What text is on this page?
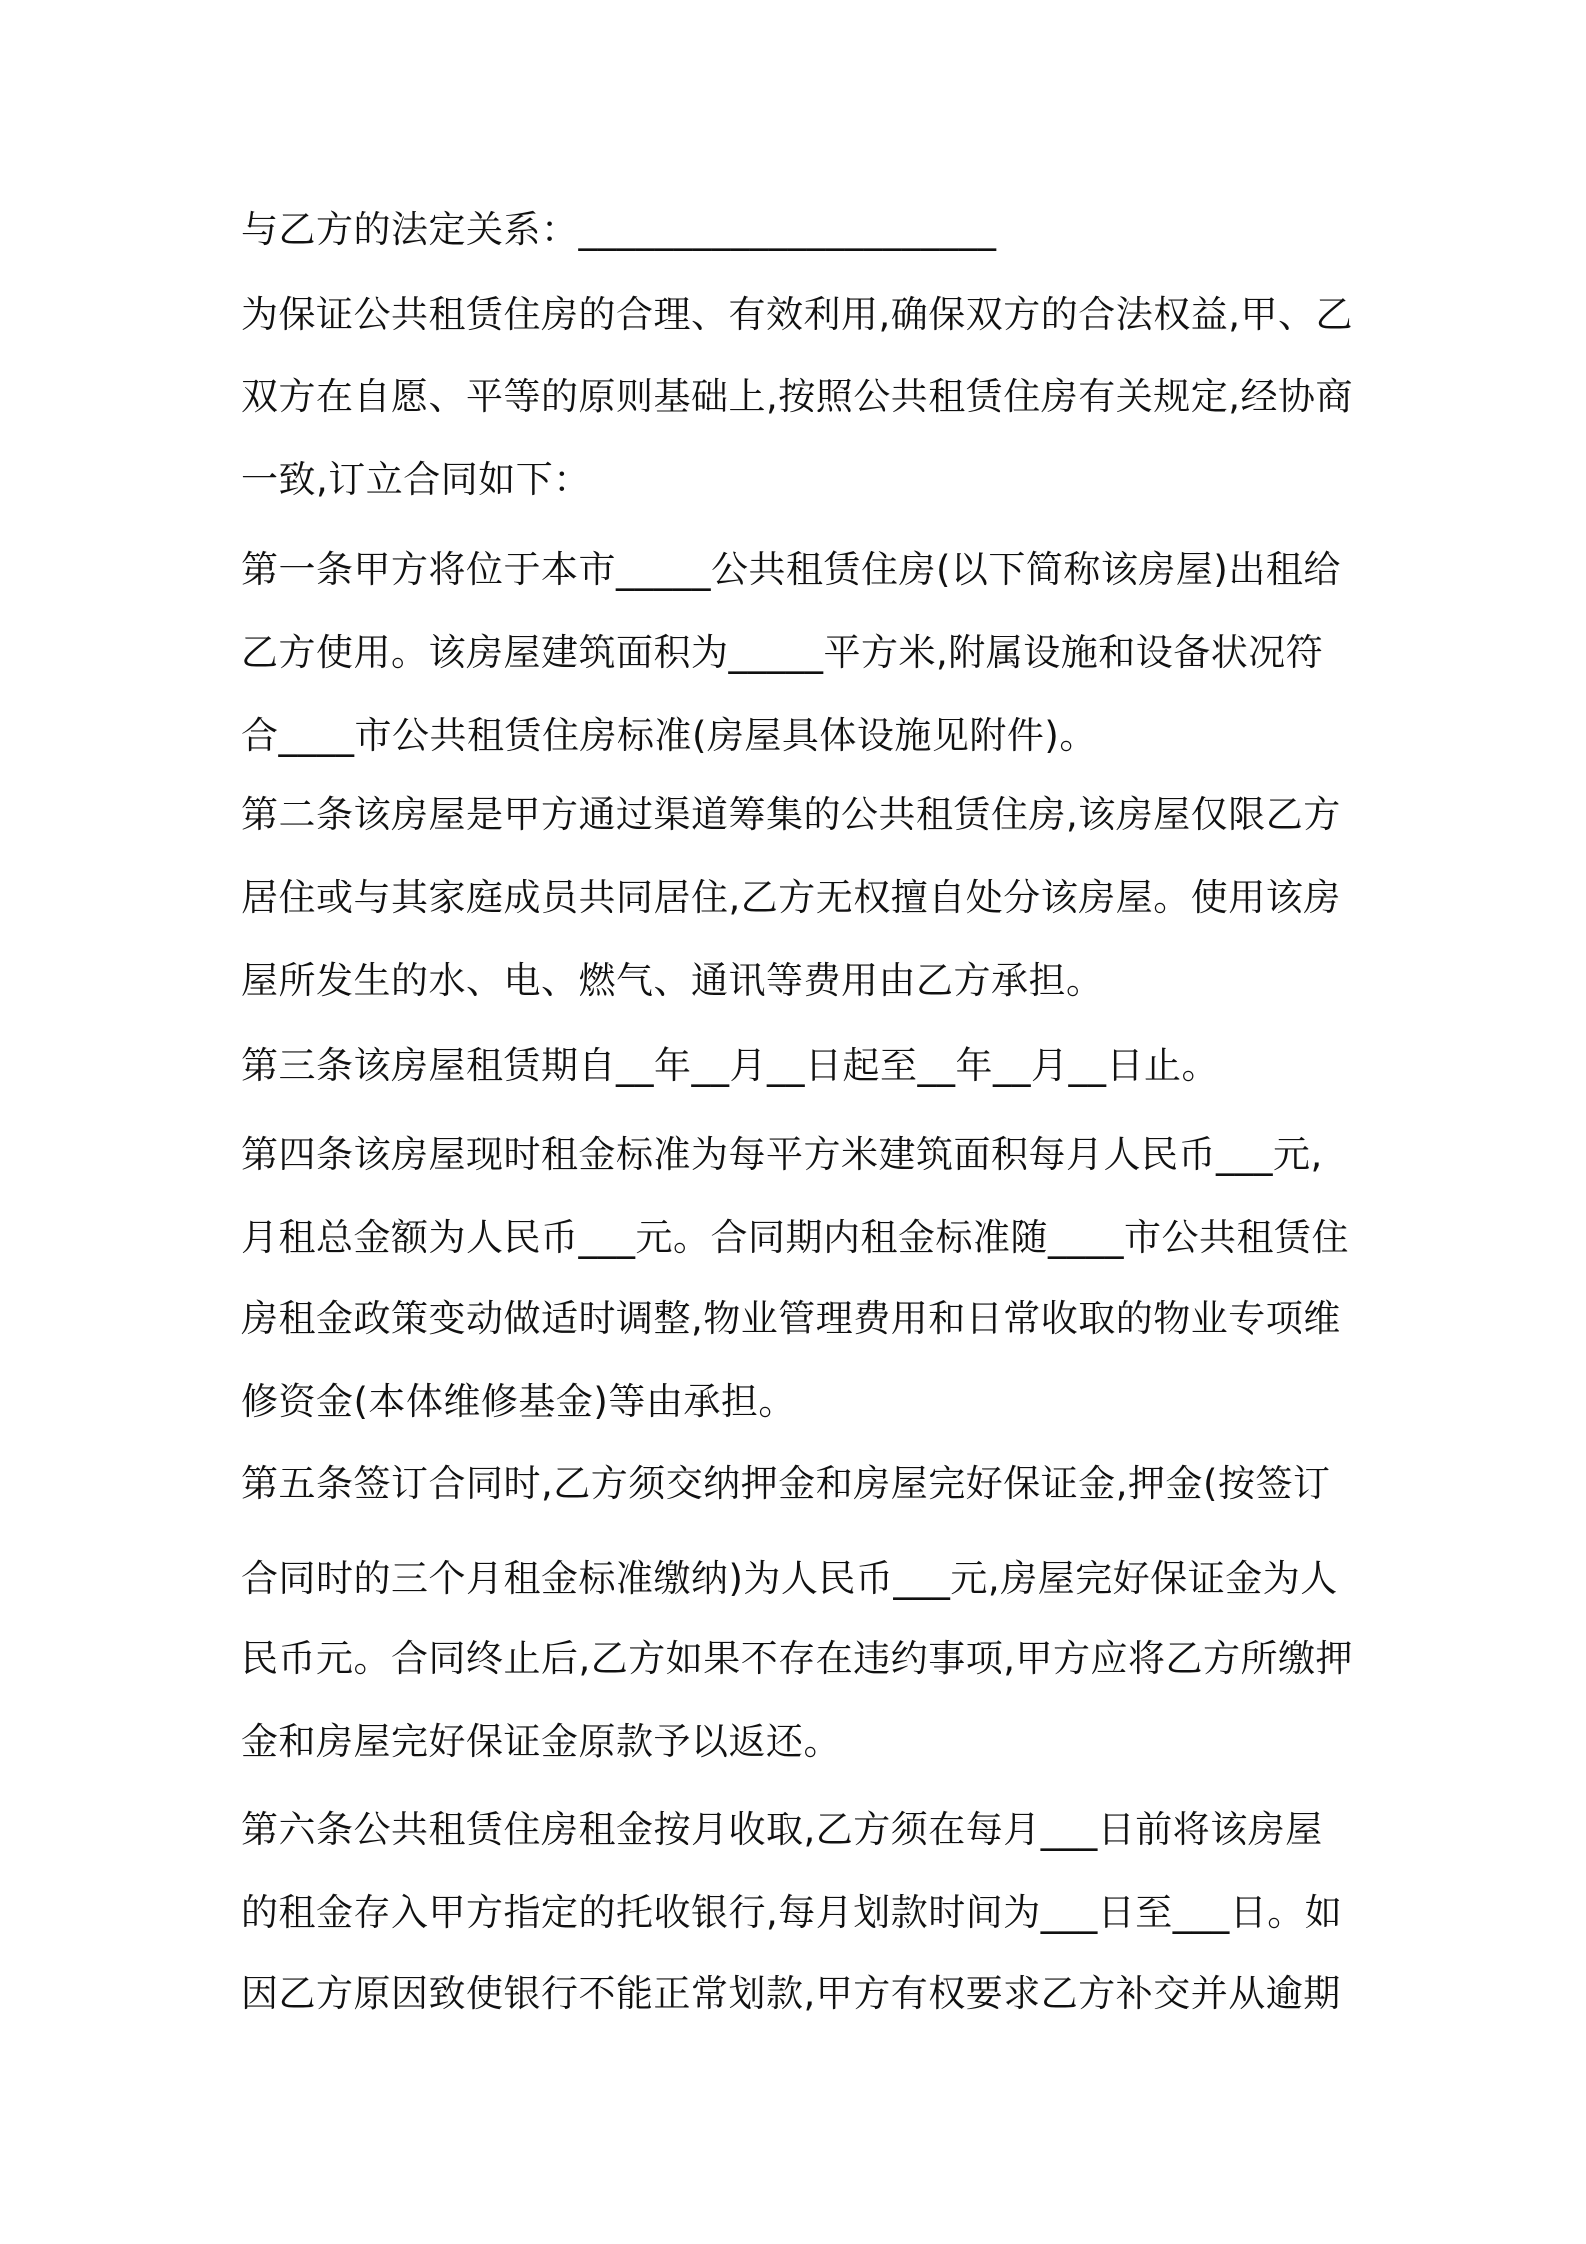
与乙方的法定关系：______________________
为保证公共租赁住房的合理、有效利用,确保双方的合法权益,甲、乙
双方在自愿、平等的原则基础上,按照公共租赁住房有关规定,经协商
一致,订立合同如下：
第一条甲方将位于本市_____公共租赁住房(以下简称该房屋)出租给
乙方使用。该房屋建筑面积为_____平方米,附属设施和设备状况符
合____市公共租赁住房标准(房屋具体设施见附件)。
第二条该房屋是甲方通过渠道筹集的公共租赁住房,该房屋仅限乙方
居住或与其家庭成员共同居住,乙方无权擅自处分该房屋。使用该房
屋所发生的水、电、燃气、通讯等费用由乙方承担。
第三条该房屋租赁期自__年__月__日起至__年__月__日止。
第四条该房屋现时租金标准为每平方米建筑面积每月人民币___元,
月租总金额为人民币___元。合同期内租金标准随____市公共租赁住
房租金政策变动做适时调整,物业管理费用和日常收取的物业专项维
修资金(本体维修基金)等由承担。
第五条签订合同时,乙方须交纳押金和房屋完好保证金,押金(按签订
合同时的三个月租金标准缴纳)为人民币___元,房屋完好保证金为人
民币元。合同终止后,乙方如果不存在违约事项,甲方应将乙方所缴押
金和房屋完好保证金原款予以返还。
第六条公共租赁住房租金按月收取,乙方须在每月___日前将该房屋
的租金存入甲方指定的托收银行,每月划款时间为___日至___日。如
因乙方原因致使银行不能正常划款,甲方有权要求乙方补交并从逾期
